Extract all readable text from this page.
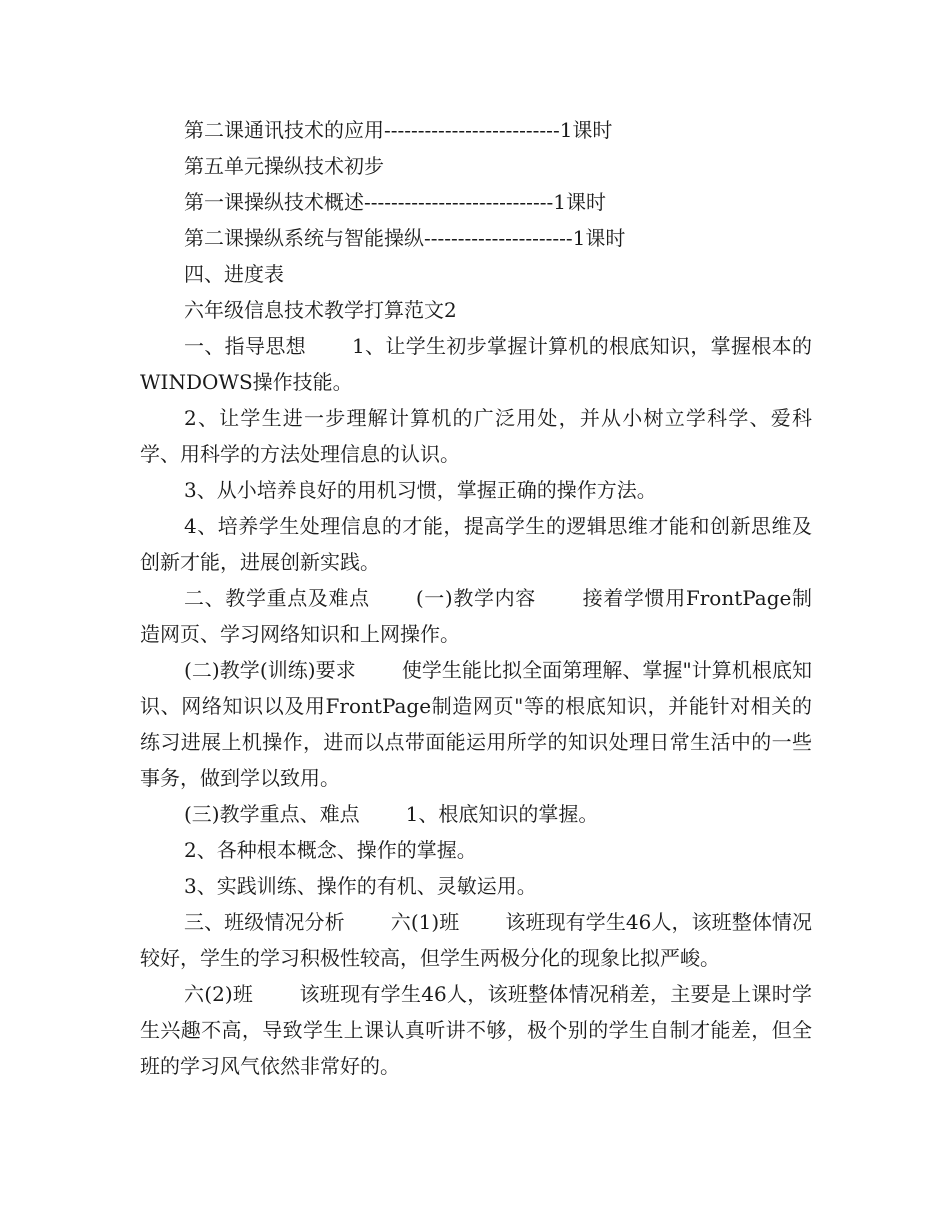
第二课通讯技术的应用--------------------------1课时

第五单元操纵技术初步

第一课操纵技术概述----------------------------1课时

第二课操纵系统与智能操纵----------------------1课时

四、进度表

六年级信息技术教学打算范文2

一、指导思想 1、让学生初步掌握计算机的根底知识，掌握根本的WINDOWS操作技能。

2、让学生进一步理解计算机的广泛用处，并从小树立学科学、爱科学、用科学的方法处理信息的认识。

3、从小培养良好的用机习惯，掌握正确的操作方法。

4、培养学生处理信息的才能，提高学生的逻辑思维才能和创新思维及创新才能，进展创新实践。

二、教学重点及难点 (一)教学内容 接着学惯用FrontPage制造网页、学习网络知识和上网操作。

(二)教学(训练)要求 使学生能比拟全面第理解、掌握"计算机根底知识、网络知识以及用FrontPage制造网页"等的根底知识，并能针对相关的练习进展上机操作，进而以点带面能运用所学的知识处理日常生活中的一些事务，做到学以致用。

(三)教学重点、难点 1、根底知识的掌握。

2、各种根本概念、操作的掌握。

3、实践训练、操作的有机、灵敏运用。

三、班级情况分析 六(1)班 该班现有学生46人，该班整体情况较好，学生的学习积极性较高，但学生两极分化的现象比拟严峻。

六(2)班 该班现有学生46人，该班整体情况稍差，主要是上课时学生兴趣不高，导致学生上课认真听讲不够，极个别的学生自制才能差，但全班的学习风气依然非常好的。
